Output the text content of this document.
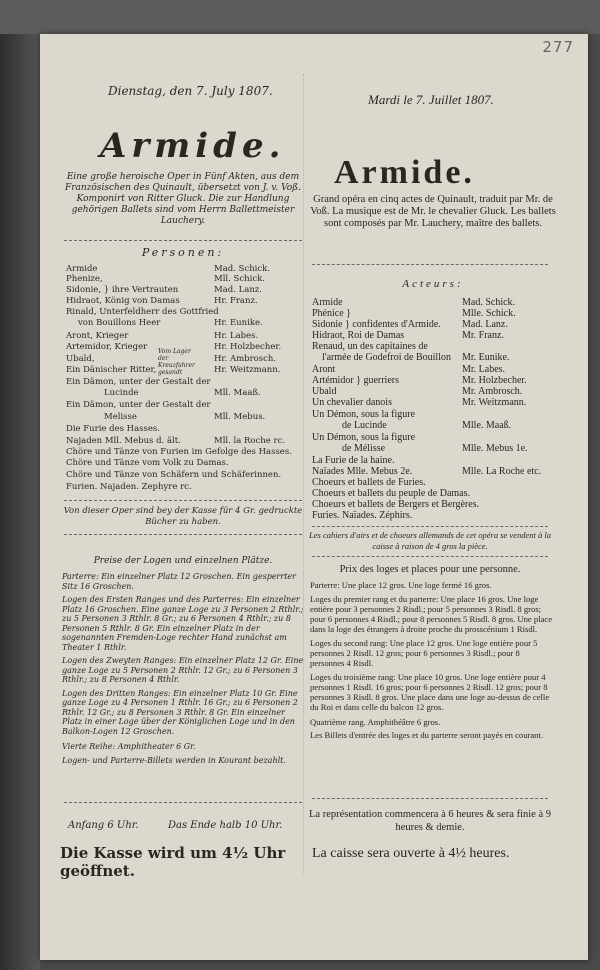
277

Dienstag, den 7. July 1807.

Armide.

Eine große heroische Oper in Fünf Akten, aus dem Französischen des Quinault, übersetzt von J. v. Voß. Komponirt von Ritter Gluck. Die zur Handlung gehörigen Ballets sind vom Herrn Ballettmeister Lauchery.

Personen:

Armide	Mad. Schick.
Phenize,	Mll. Schick.
Sidonie, } ihre Vertrauten	Mad. Lanz.
Hidraot, König von Damas	Hr. Franz.
Rinald, Unterfeldherr des Gottfried
von Bouillons Heer	Hr. Eunike.
Aront, Krieger	Hr. Labes.
Artemidor, Krieger	Hr. Holzbecher.
Ubald,	Hr. Ambrosch.
Ein Dänischer Ritter,	Hr. Weitzmann.

Vom Lager der Kreuzfahrer gesandt

Ein Dämon, unter der Gestalt der
Lucinde	Mll. Maaß.
Ein Dämon, unter der Gestalt der
Melisse	Mll. Mebus.
Die Furie des Hasses.
Najaden Mll. Mebus d. ält.	Mll. la Roche rc.
Chöre und Tänze von Furien im Gefolge des Hasses.
Chöre und Tänze vom Volk zu Damas.
Chöre und Tänze von Schäfern und Schäferinnen.
Furien. Najaden. Zephyre rc.

Von dieser Oper sind bey der Kasse für 4 Gr. gedruckte Bücher zu haben.

Preise der Logen und einzelnen Plätze.

Parterre: Ein einzelner Platz 12 Groschen. Ein gesperrter Sitz 16 Groschen.

Logen des Ersten Ranges und des Parterres: Ein einzelner Platz 16 Groschen. Eine ganze Loge zu 3 Personen 2 Rthlr.; zu 5 Personen 3 Rthlr. 8 Gr.; zu 6 Personen 4 Rthlr.; zu 8 Personen 5 Rthlr. 8 Gr. Ein einzelner Platz in der sogenannten Fremden-Loge rechter Hand zunächst am Theater 1 Rthlr.

Logen des Zweyten Ranges: Ein einzelner Platz 12 Gr. Eine ganze Loge zu 5 Personen 2 Rthlr. 12 Gr.; zu 6 Personen 3 Rthlr.; zu 8 Personen 4 Rthlr.

Logen des Dritten Ranges: Ein einzelner Platz 10 Gr. Eine ganze Loge zu 4 Personen 1 Rthlr. 16 Gr.; zu 6 Personen 2 Rthlr. 12 Gr.; zu 8 Personen 3 Rthlr. 8 Gr. Ein einzelner Platz in einer Loge über der Königlichen Loge und in den Balkon-Logen 12 Groschen.

Vierte Reihe: Amphitheater 6 Gr.

Logen- und Parterre-Billets werden in Kourant bezahlt.

Anfang 6 Uhr.	Das Ende halb 10 Uhr.

Die Kasse wird um 4½ Uhr geöffnet.

Mardi le 7. Juillet 1807.

Armide.

Grand opéra en cinq actes de Quinault, traduit par Mr. de Voß. La musique est de Mr. le chevalier Gluck. Les ballets sont composés par Mr. Lauchery, maître des ballets.

Acteurs:

Armide	Mad. Schick.
Phénice }	Mlle. Schick.
Sidonie } confidentes d'Armide. Mad. Lanz.
Hidraot, Roi de Damas	Mr. Franz.
Renaud, un des capitaines de
l'armée de Godefroi de Bouillon Mr. Eunike.
Aront	Mr. Labes.
Artémidor } guerriers	Mr. Holzbecher.
Ubald	Mr. Ambrosch.
Un chevalier danois	Mr. Weitzmann.
Un Démon, sous la figure
de Lucinde	Mlle. Maaß.
Un Démon, sous la figure
de Mélisse	Mlle. Mebus 1e.
La Furie de la haine.
Naïades Mlle. Mebus 2e.	Mlle. La Roche etc.
Choeurs et ballets de Furies.
Choeurs et ballets du peuple de Damas.
Choeurs et ballets de Bergers et Bergères.
Furies. Naïades. Zéphirs.

Les cahiers d'airs et de choeurs allemands de cet opéra se vendent à la caisse à raison de 4 gros la pièce.

Prix des loges et places pour une personne.

Parterre: Une place 12 gros. Une loge fermé 16 gros.

Loges du premier rang et du parterre: Une place 16 gros. Une loge entière pour 3 personnes 2 Risdl.; pour 5 personnes 3 Risdl. 8 gros; pour 6 personnes 4 Risdl.; pour 8 personnes 5 Risdl. 8 gros. Une place dans la loge des étrangers à droite proche du prosscénium 1 Risdl.

Loges du second rang: Une place 12 gros. Une loge entière pour 5 personnes 2 Risdl. 12 gros; pour 6 personnes 3 Risdl.; pour 8 personnes 4 Risdl.

Loges du troisième rang: Une place 10 gros. Une loge entière pour 4 personnes 1 Risdl. 16 gros; pour 6 personnes 2 Risdl. 12 gros; pour 8 personnes 3 Risdl. 8 gros. Une place dans une loge au-dessus de celle du Roi et dans celle du balcon 12 gros.

Quatrième rang. Amphithéâtre 6 gros.

Les Billets d'entrée des loges et du parterre seront payés en courant.

La représentation commencera à 6 heures & sera finie à 9 heures & demie.

La caisse sera ouverte à 4½ heures.
